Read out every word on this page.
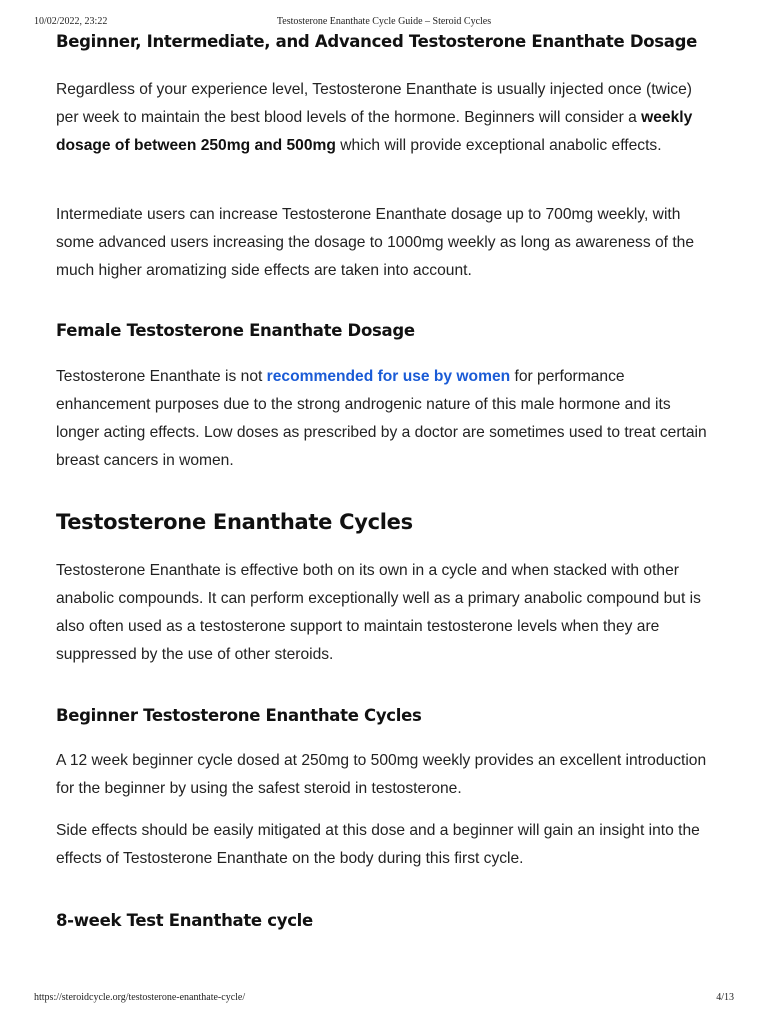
10/02/2022, 23:22	Testosterone Enanthate Cycle Guide – Steroid Cycles
Beginner, Intermediate, and Advanced Testosterone Enanthate Dosage

Regardless of your experience level, Testosterone Enanthate is usually injected once (twice) per week to maintain the best blood levels of the hormone. Beginners will consider a weekly dosage of between 250mg and 500mg which will provide exceptional anabolic effects.

Intermediate users can increase Testosterone Enanthate dosage up to 700mg weekly, with some advanced users increasing the dosage to 1000mg weekly as long as awareness of the much higher aromatizing side effects are taken into account.

Female Testosterone Enanthate Dosage

Testosterone Enanthate is not recommended for use by women for performance enhancement purposes due to the strong androgenic nature of this male hormone and its longer acting effects. Low doses as prescribed by a doctor are sometimes used to treat certain breast cancers in women.

Testosterone Enanthate Cycles

Testosterone Enanthate is effective both on its own in a cycle and when stacked with other anabolic compounds. It can perform exceptionally well as a primary anabolic compound but is also often used as a testosterone support to maintain testosterone levels when they are suppressed by the use of other steroids.

Beginner Testosterone Enanthate Cycles

A 12 week beginner cycle dosed at 250mg to 500mg weekly provides an excellent introduction for the beginner by using the safest steroid in testosterone.

Side effects should be easily mitigated at this dose and a beginner will gain an insight into the effects of Testosterone Enanthate on the body during this first cycle.

8-week Test Enanthate cycle
https://steroidcycle.org/testosterone-enanthate-cycle/	4/13
